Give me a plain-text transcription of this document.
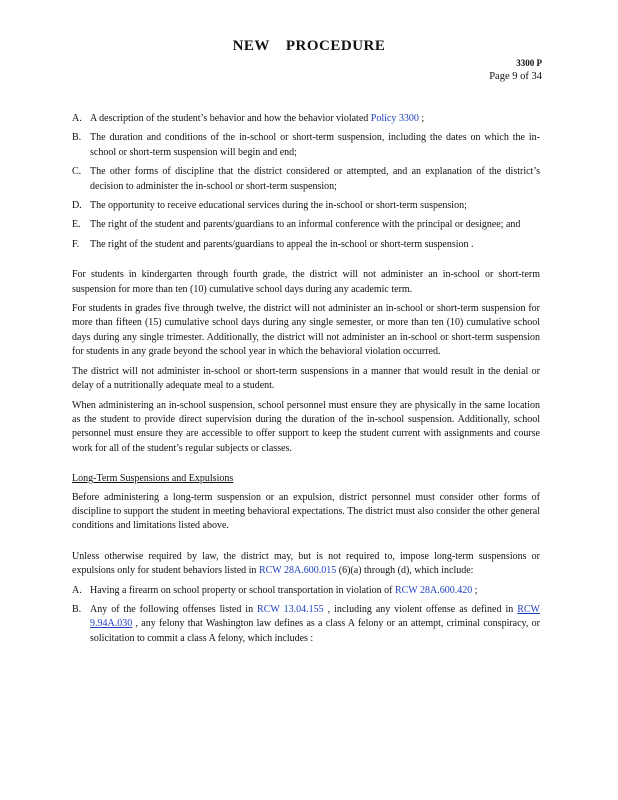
NEW PROCEDURE
3300 P
Page 9 of 34
A. A description of the student’s behavior and how the behavior violated Policy 3300 ;
B. The duration and conditions of the in-school or short-term suspension, including the dates on which the in-school or short-term suspension will begin and end;
C. The other forms of discipline that the district considered or attempted, and an explanation of the district’s decision to administer the in-school or short-term suspension;
D. The opportunity to receive educational services during the in-school or short-term suspension;
E. The right of the student and parents/guardians to an informal conference with the principal or designee; and
F. The right of the student and parents/guardians to appeal the in-school or short-term suspension .

For students in kindergarten through fourth grade, the district will not administer an in-school or short-term suspension for more than ten (10) cumulative school days during any academic term.

For students in grades five through twelve, the district will not administer an in-school or short-term suspension for more than fifteen (15) cumulative school days during any single semester, or more than ten (10) cumulative school days during any single trimester. Additionally, the district will not administer an in-school or short-term suspension for students in any grade beyond the school year in which the behavioral violation occurred.

The district will not administer in-school or short-term suspensions in a manner that would result in the denial or delay of a nutritionally adequate meal to a student.

When administering an in-school suspension, school personnel must ensure they are physically in the same location as the student to provide direct supervision during the duration of the in-school suspension. Additionally, school personnel must ensure they are accessible to offer support to keep the student current with assignments and course work for all of the student’s regular subjects or classes.

Long-Term Suspensions and Expulsions

Before administering a long-term suspension or an expulsion, district personnel must consider other forms of discipline to support the student in meeting behavioral expectations. The district must also consider the other general conditions and limitations listed above.

Unless otherwise required by law, the district may, but is not required to, impose long-term suspensions or expulsions only for student behaviors listed in RCW 28A.600.015 (6)(a) through (d), which include:

A. Having a firearm on school property or school transportation in violation of RCW 28A.600.420 ;
B. Any of the following offenses listed in RCW 13.04.155 , including any violent offense as defined in RCW 9.94A.030 , any felony that Washington law defines as a class A felony or an attempt, criminal conspiracy, or solicitation to commit a class A felony, which includes :
